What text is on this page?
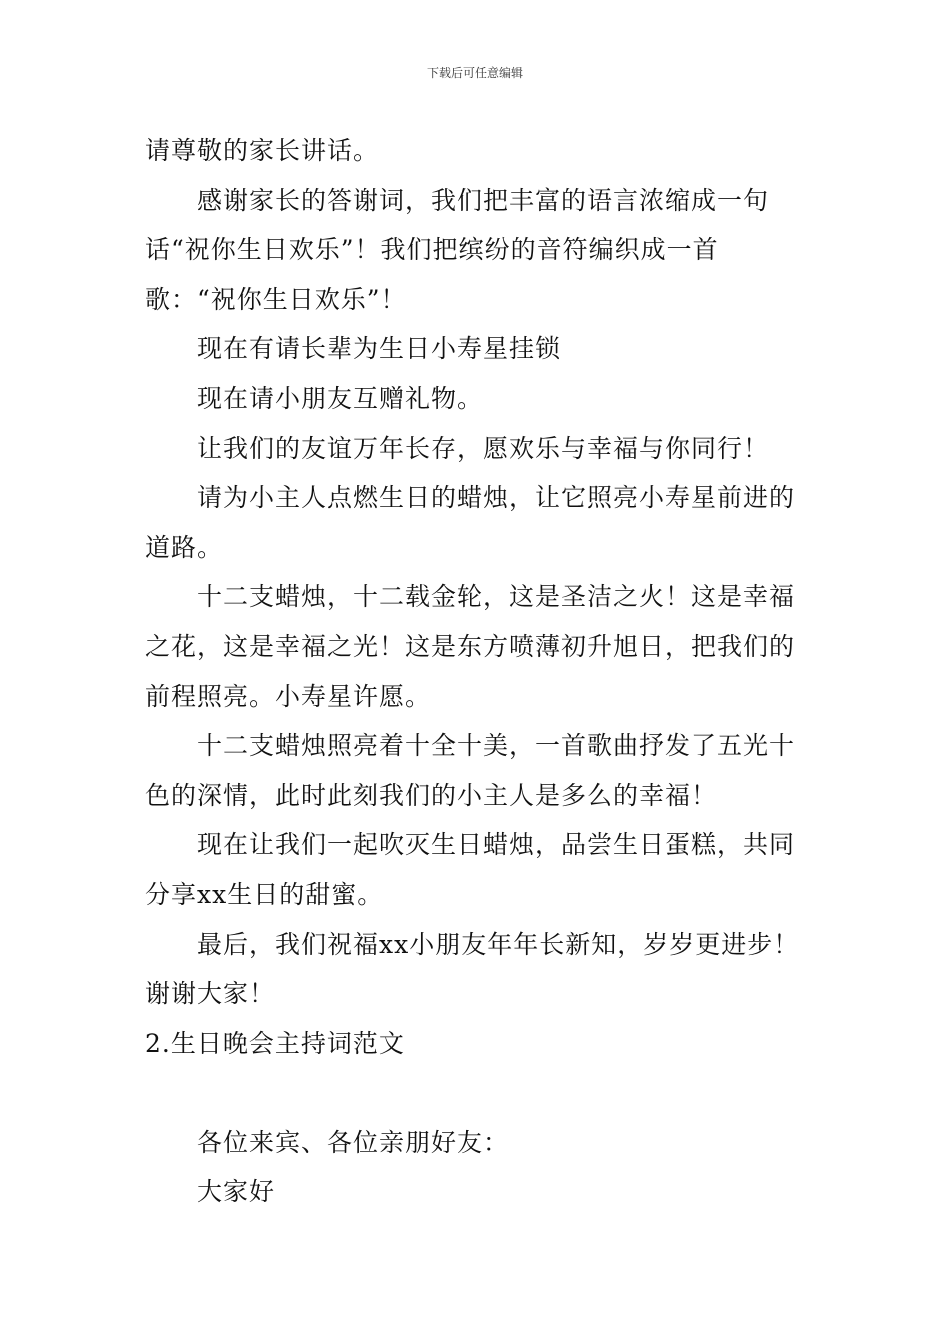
下载后可任意编辑

请尊敬的家长讲话。

感谢家长的答谢词，我们把丰富的语言浓缩成一句话“祝你生日欢乐”！我们把缤纷的音符编织成一首歌：“祝你生日欢乐”！

现在有请长辈为生日小寿星挂锁

现在请小朋友互赠礼物。

让我们的友谊万年长存，愿欢乐与幸福与你同行！

请为小主人点燃生日的蜡烛，让它照亮小寿星前进的道路。

十二支蜡烛，十二载金轮，这是圣洁之火！这是幸福之花，这是幸福之光！这是东方喷薄初升旭日，把我们的前程照亮。小寿星许愿。

十二支蜡烛照亮着十全十美，一首歌曲抒发了五光十色的深情，此时此刻我们的小主人是多么的幸福！

现在让我们一起吹灭生日蜡烛，品尝生日蛋糕，共同分享xx生日的甜蜜。

最后，我们祝福xx小朋友年年长新知，岁岁更进步！谢谢大家！

2.生日晚会主持词范文

各位来宾、各位亲朋好友：

大家好
